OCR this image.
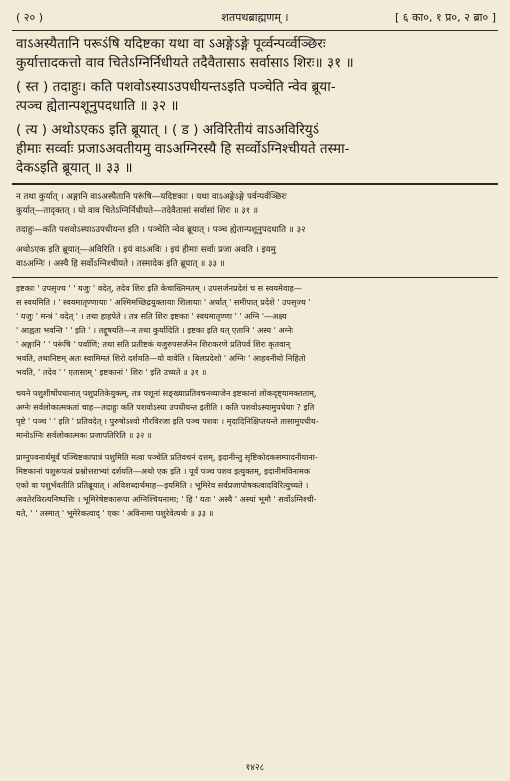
( २० )	शतपथब्राह्मणम् ।	[ ६ का०, १ प्र०, २ ब्रा० ]
वाऽअस्यैतानि परूऽंषि यदिष्टका यथा वा ऽअङ्गेऽङ्गे पूर्व्वन्पर्व्वञ्छिरः
कुर्यात्तादकत्तो वाव चितेऽग्निर्निधीयते तदैवैतासाऽ सर्वासाऽ शिरः॥ ३१ ॥
( स्त ) तदाहुः। कति पशवोऽस्याऽउपधीयन्तऽइति पञ्चेति न्वेव ब्रूया-
त्पञ्च ह्येतान्पशूनुपदधाति ॥ ३२ ॥
( त्य ) अथोऽएकऽ इति ब्रूयात् । ( ड ) अविरितीयं वाऽअविरियुऽं
हीमाः सर्व्वाः प्रजाऽअवतीयमु वाऽअग्निरस्यै हि सर्व्वोऽग्निश्चीयते तस्मा-
देकऽइति ब्रूयात् ॥ ३३ ॥
न तथा कुर्यात् । अङ्गानि वाऽअस्यैतानि परूंषि—यदिष्टकाः । यथा वाऽअङ्गेऽङ्गे पर्वन्पर्वञ्छिरः
कुर्यात्—तादृक्तत् । यो वाव चितेऽग्निर्निधीयते—तदेवैतासां सर्वासां शिरः ॥ ३१ ॥
तदाहुः—कति पशवोऽस्याऽउपधीयन्त इति । पञ्चेति न्वेव ब्रूयात् । पञ्च ह्येतान्पशूनुपदधाति ॥ ३२
अथोऽएक इति ब्रूयात्—अविरिति । इयं वाऽअविः । इयं हीमाः सर्वाः प्रजा अवति । इयमु
वाऽअग्निः । अस्यै हि सर्वोऽग्निश्चीयते । तस्मादेक इति ब्रूयात् ॥ ३३ ॥
इष्टकाः ' उपसृज्य ' ' यजुः ' वदेत्, तदेव शिरः इति केचाख्निमतम् । उपसर्जनप्रदेशं च स स्वयमेवाह—
स स्वयमिति । ' स्वयमातृण्णायाः ' अश्मिमच्छिद्रयुक्तायाः शिलायाः ' अर्धात् ' समीपात् प्रदेशे ' उपसृज्य '
' यजुः ' मन्त्रं ' वदेत् ' । तथा हाहपेते । तत्र सति शिरः इष्टकाः ' स्वयमातृण्णा ' ' अग्नि '—अक्ष्य
' आह्वता भवन्ति ' ' इति ' । तद्दूषयति—न तथा कुर्यादिति । इष्टका इति यत् एतानि ' अस्य ' अग्नेः
' अङ्गानि ' ' परूंषि ' पर्वाणि; तथा सति प्रतीष्टकं यजुरुपसर्जनेन शिरःकरणे प्रतिपर्व शिरः कृतवान्
भवति, तथानिष्टम् अतः स्वामिमतं शिरो दर्शयति—यो वावेति । बिलप्रदेशो ' अग्निः ' आहवनीयो निहितो
भवति, ' तदेव ' ' एतासाम् ' इष्टकानां ' शिरः ' इति उच्यते ॥ ३१ ॥
चयने पशुशीर्षोपधानात् पशुप्रतिकेयुक्त्म्, तत्र पशूनां सङ्ख्याप्रतिवचनव्याजेन इष्टकानां लोकदृष्ट्यामक्तताम्,
अग्नेः सर्वलोकात्मकतां चाह—तदाहुः कति पशवोऽस्या उपधीयन्त इतीति । कति पशवोऽस्यामुपधेयाः ? इति
पृष्टे ' पञ्च ' ' इति ' प्रतिवदेत् । पुरुषोऽश्वो गौरविरजा इति पञ्च पशवः । मृदादिनिक्षिप्तयन्ते तासामुपधीय-
मानोऽग्निः सर्वलोकात्मकः प्रजापतिरिति ॥ ३२ ॥
प्राग्नुपवनार्थमूर्वं पञ्चिष्टकापात्रं पशुमिति मत्वा पञ्चेति प्रतिवचनं दत्तम्, इदानीन्तु सृष्टिकोदकसम्पादनीयाना-
मिष्टकानां पशुरूपत्वं प्रश्नोत्तराभ्यां दर्शयति—अथो एक इति । पूर्वं पञ्च पशव इत्युक्तम्, इदानीमविनामक
एको वा पशुर्भवतीति प्रतिब्रूयात् । अविशब्दार्थमाह—इयमिति । भूमिरेव सर्वप्रजापोषकत्वादविरित्युच्यते ।
अवतेरविरत्यनिष्पत्तिः । भूमिरेषेष्टकारूपा अग्निश्चियनामा; ' हि ' यतः ' अस्यै ' अस्यां भूमौ ' सर्वोऽग्निश्ची-
यते, ' ' तस्मात् ' भूमेरेकत्वाद् ' एकः ' अविनामा पशुरेवेत्यर्थः ॥ ३३ ॥
१४२८
